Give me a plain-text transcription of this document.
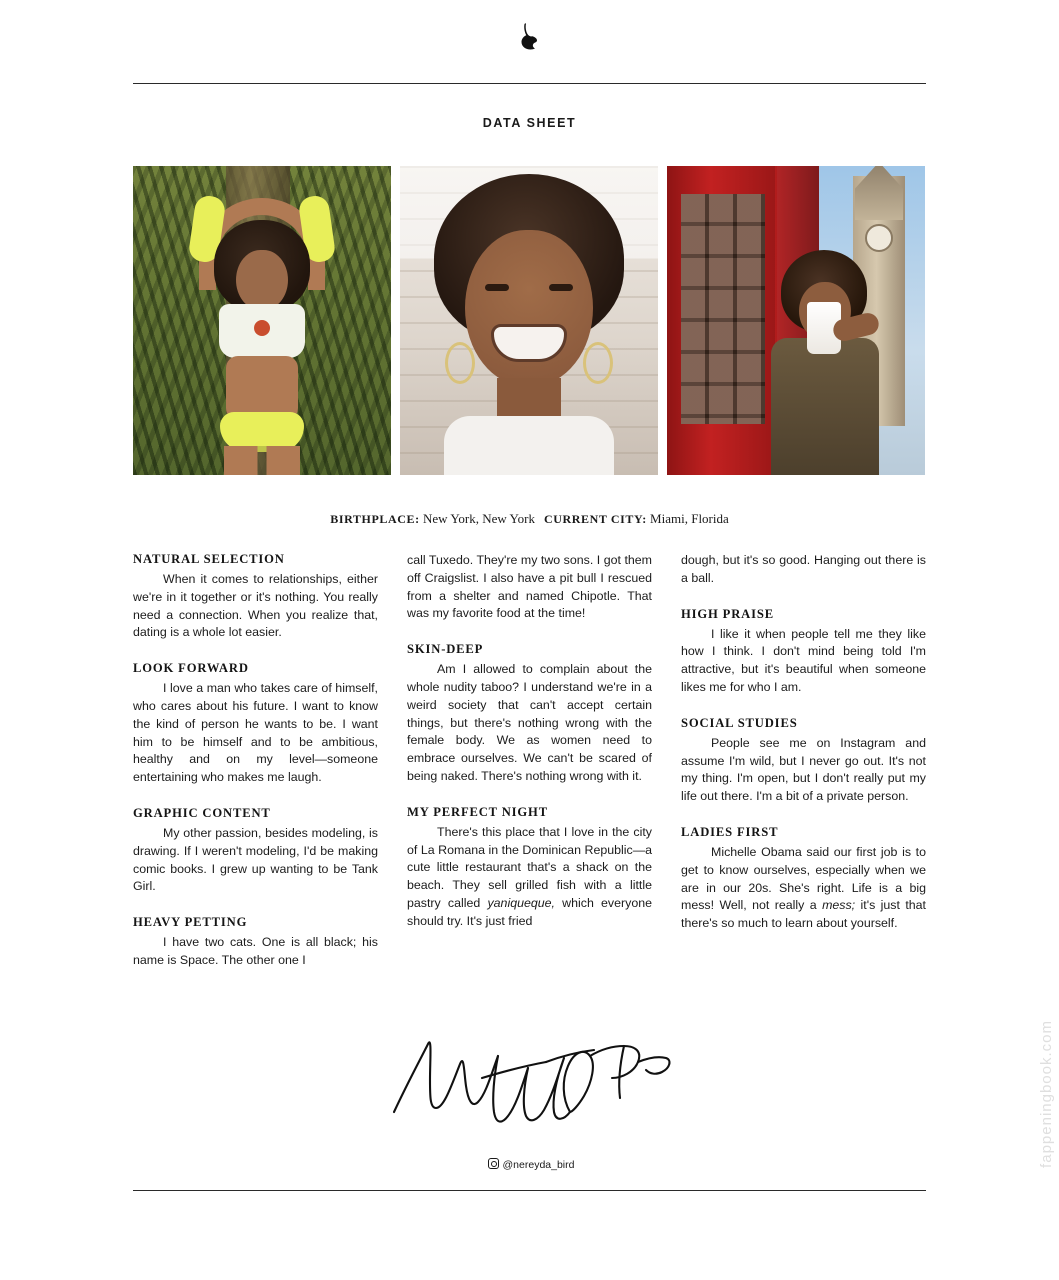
DATA SHEET
BIRTHPLACE: New York, New York CURRENT CITY: Miami, Florida
NATURAL SELECTION

When it comes to relationships, either we're in it together or it's nothing. You really need a connection. When you realize that, dating is a whole lot easier.

LOOK FORWARD

I love a man who takes care of himself, who cares about his future. I want to know the kind of person he wants to be. I want him to be himself and to be ambitious, healthy and on my level—someone entertaining who makes me laugh.

GRAPHIC CONTENT

My other passion, besides modeling, is drawing. If I weren't modeling, I'd be making comic books. I grew up wanting to be Tank Girl.

HEAVY PETTING

I have two cats. One is all black; his name is Space. The other one I

call Tuxedo. They're my two sons. I got them off Craigslist. I also have a pit bull I rescued from a shelter and named Chipotle. That was my favorite food at the time!

SKIN-DEEP

Am I allowed to complain about the whole nudity taboo? I understand we're in a weird society that can't accept certain things, but there's nothing wrong with the female body. We as women need to embrace ourselves. We can't be scared of being naked. There's nothing wrong with it.

MY PERFECT NIGHT

There's this place that I love in the city of La Romana in the Dominican Republic—a cute little restaurant that's a shack on the beach. They sell grilled fish with a little pastry called yaniqueque, which everyone should try. It's just fried

dough, but it's so good. Hanging out there is a ball.

HIGH PRAISE

I like it when people tell me they like how I think. I don't mind being told I'm attractive, but it's beautiful when someone likes me for who I am.

SOCIAL STUDIES

People see me on Instagram and assume I'm wild, but I never go out. It's not my thing. I'm open, but I don't really put my life out there. I'm a bit of a private person.

LADIES FIRST

Michelle Obama said our first job is to get to know ourselves, especially when we are in our 20s. She's right. Life is a big mess! Well, not really a mess; it's just that there's so much to learn about yourself.

@nereyda_bird	fappeningbook.com
